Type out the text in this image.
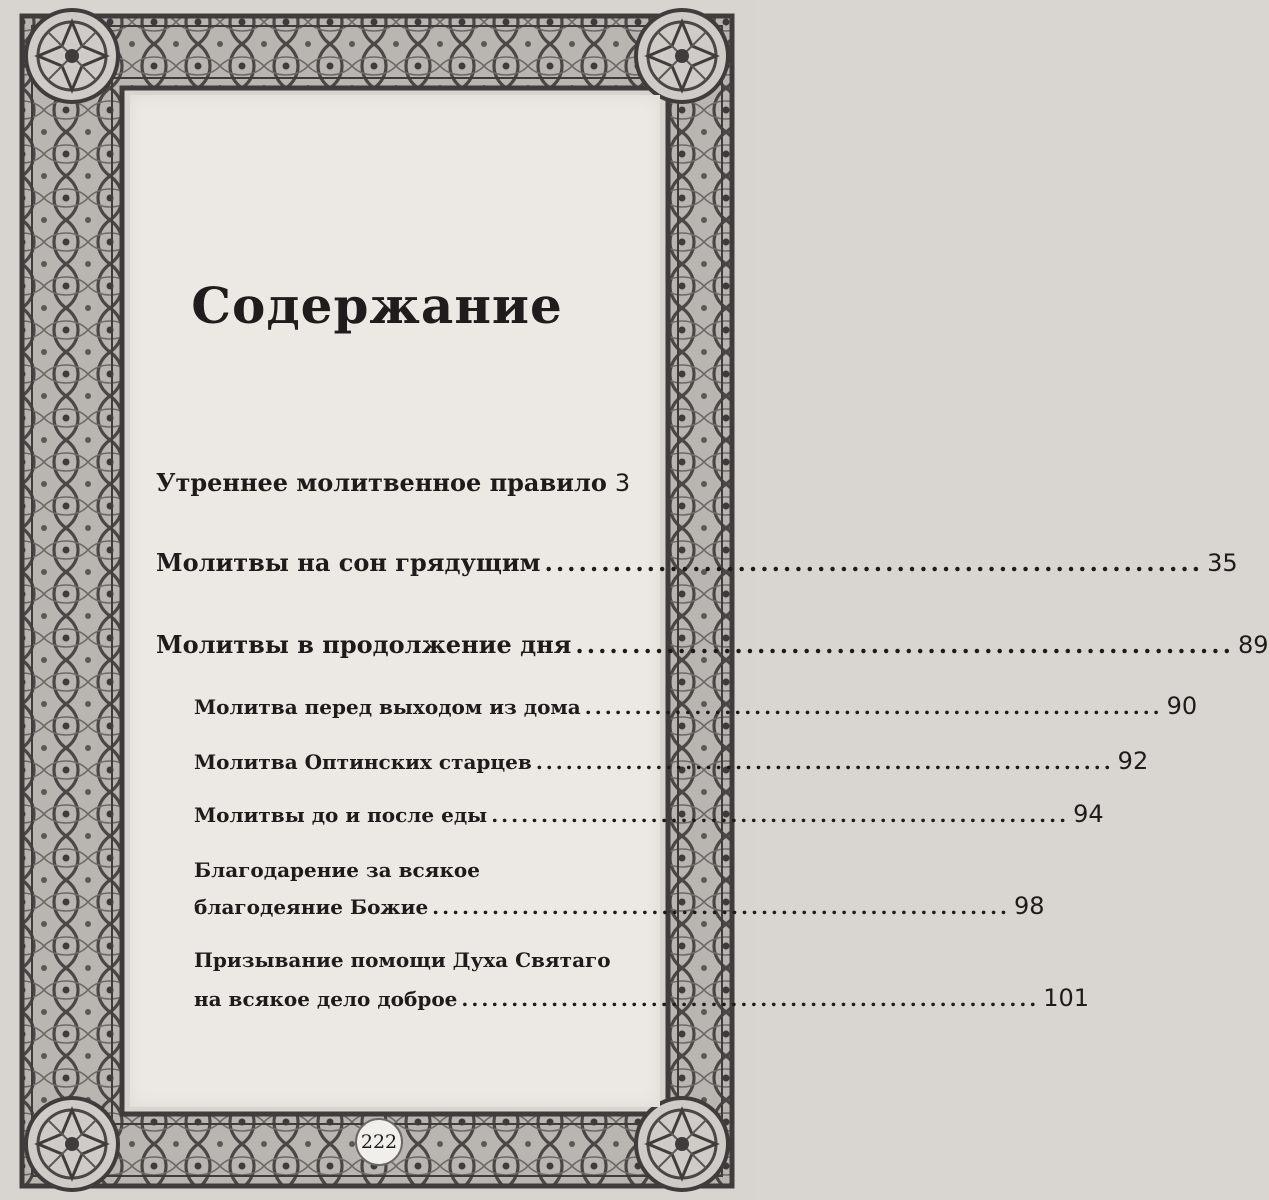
Содержание
Утреннее молитвенное правило 3
Молитвы на сон грядущим .......................................................... 35
Молитвы в продолжение дня .......................................................... 89
Молитва перед выходом из дома .......................................................... 90
Молитва Оптинских старцев .......................................................... 92
Молитвы до и после еды .......................................................... 94
Благодарение за всякое
благодеяние Божие .......................................................... 98
Призывание помощи Духа Святаго
на всякое дело доброе .......................................................... 101
222
